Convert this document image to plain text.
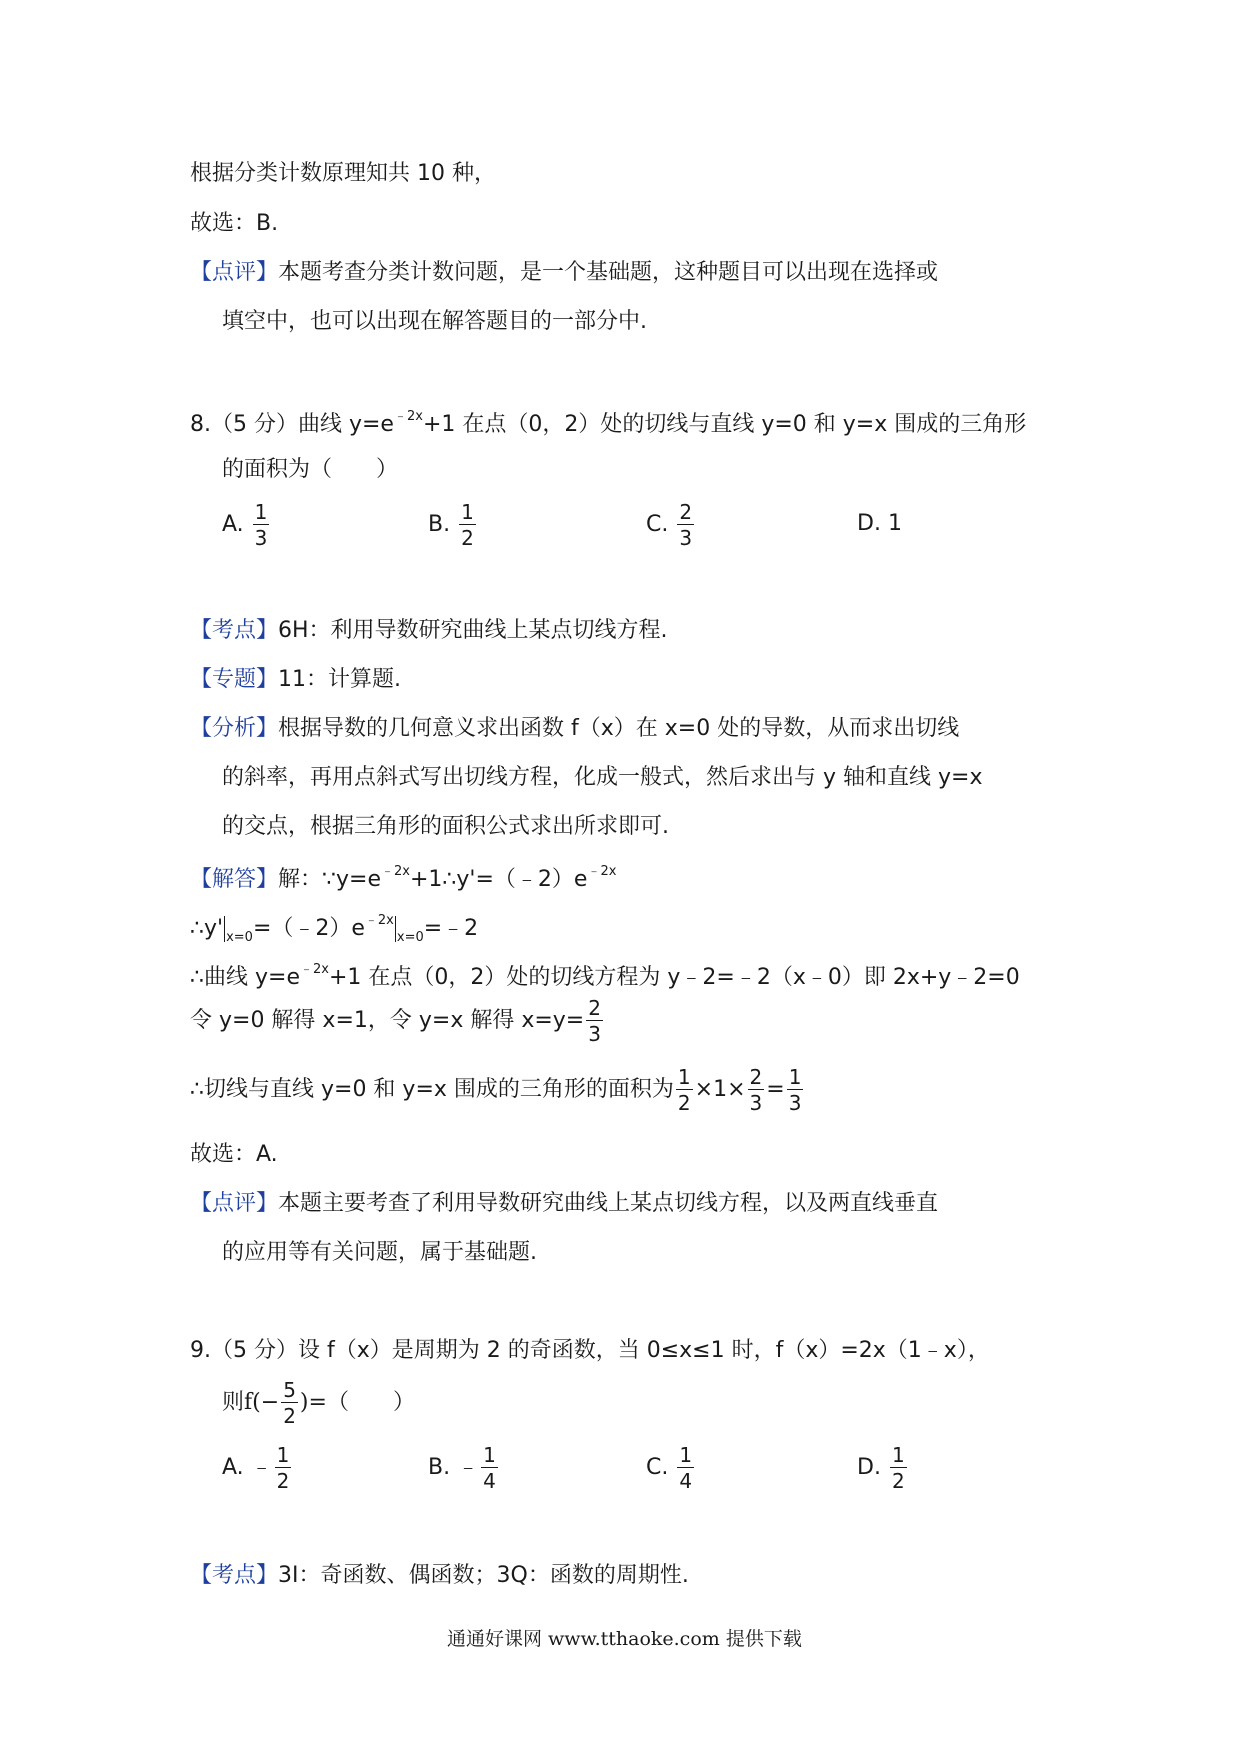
根据分类计数原理知共 10 种，
故选：B.
【点评】本题考查分类计数问题，是一个基础题，这种题目可以出现在选择或
填空中，也可以出现在解答题目的一部分中.
8.（5 分）曲线 $y=e^{﹣2x}+1$ 在点（0，2）处的切线与直线 y=0 和 y=x 围成的三角形
的面积为（　　）
A. $\frac{1}{3}$	B. $\frac{1}{2}$	C. $\frac{2}{3}$	D. 1
【考点】6H：利用导数研究曲线上某点切线方程.
【专题】11：计算题.
【分析】根据导数的几何意义求出函数 f（x）在 x=0 处的导数，从而求出切线
的斜率，再用点斜式写出切线方程，化成一般式，然后求出与 y 轴和直线 y=x
的交点，根据三角形的面积公式求出所求即可.
【解答】解：$\because y=e^{﹣2x}+1\therefore y'=(﹣2)e^{﹣2x}$
∴y' $_{x=0}=(﹣2)e^{﹣2x}_{x=0}=﹣2$
∴曲线 $y=e^{﹣2x}+1$ 在点（0，2）处的切线方程为 y﹣2=﹣2（x﹣0）即 2x+y﹣2=0
令 y=0 解得 x=1，令 y=x 解得 $x=y= \frac{2}{3}$
∴切线与直线 y=0 和 y=x 围成的三角形的面积为 $\frac{1}{2} \times 1\times \frac{2}{3} = \frac{1}{3}$
故选：A.
【点评】本题主要考查了利用导数研究曲线上某点切线方程，以及两直线垂直
的应用等有关问题，属于基础题.
9.（5 分）设 f（x）是周期为 2 的奇函数，当 0≤x≤1 时，f（x）=2x（1﹣x），
则$f(- \frac{5}{2}$ )=（　　）
A. ﹣ $\frac{1}{2}$	B. ﹣ $\frac{1}{4}$	C. $\frac{1}{4}$	D. $\frac{1}{2}$
【考点】3I：奇函数、偶函数；3Q：函数的周期性.
通通好课网 www.tthaoke.com 提供下载
